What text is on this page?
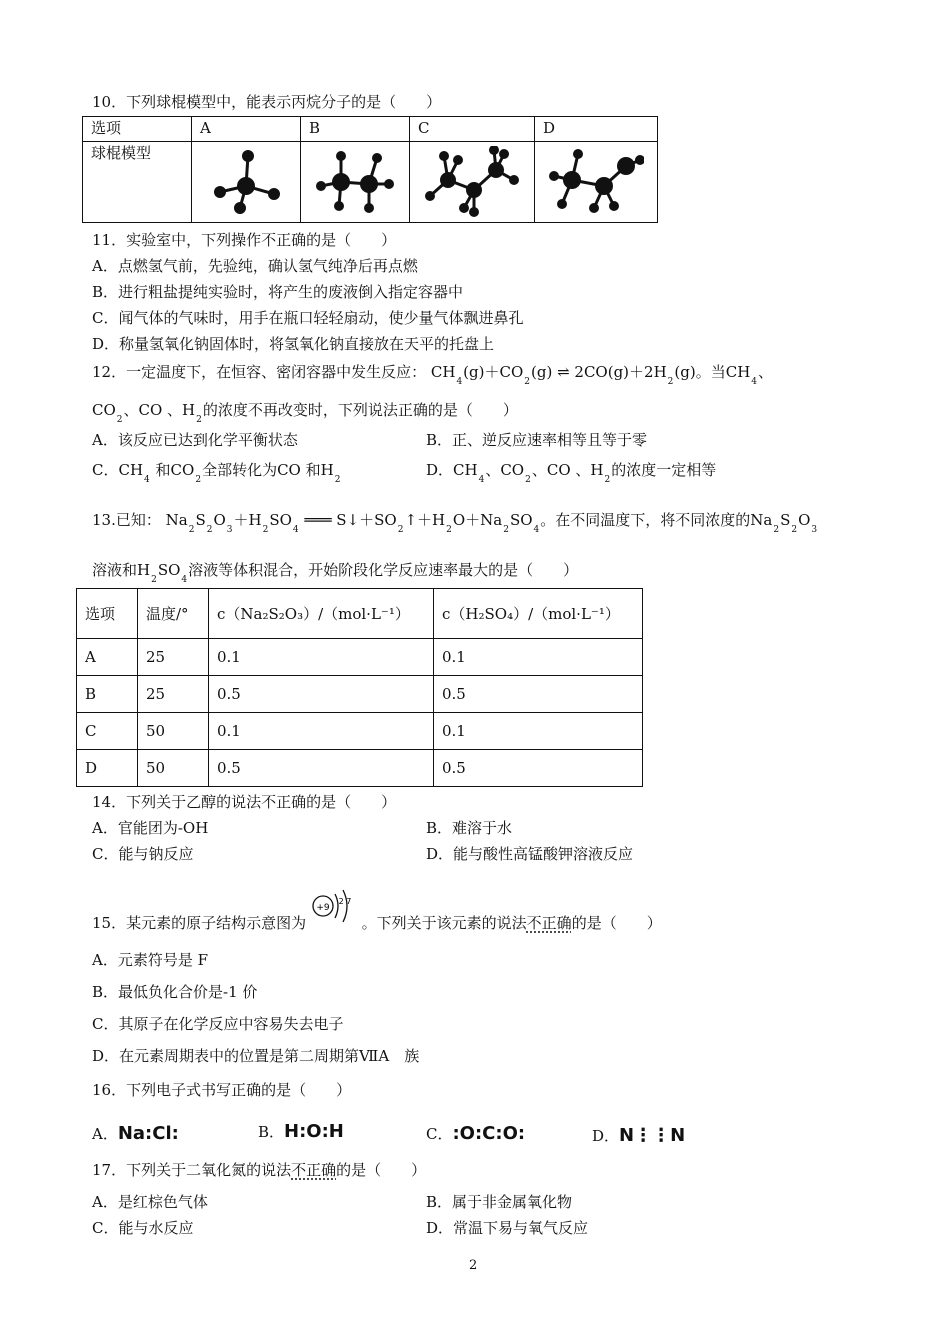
10．下列球棍模型中，能表示丙烷分子的是（　　）
选项	A	B	C	D
球棍模型	

11．实验室中，下列操作不正确的是（　　）
A．点燃氢气前，先验纯，确认氢气纯净后再点燃
B．进行粗盐提纯实验时，将产生的废液倒入指定容器中
C．闻气体的气味时，用手在瓶口轻轻扇动，使少量气体飘进鼻孔
D．称量氢氧化钠固体时，将氢氧化钠直接放在天平的托盘上
12．一定温度下，在恒容、密闭容器中发生反应： $CH_4(g)+CO_2(g)$ ⇌ $2CO(g)+2H_2(g)$。当$CH_4$、
$CO_2$、CO 、$H_2$的浓度不再改变时，下列说法正确的是（　　）
A．该反应已达到化学平衡状态	B．正、逆反应速率相等且等于零
C．$CH_4$ 和$CO_2$全部转化为CO 和$H_2$
D．$CH_4$、$CO_2$、CO 、$H_2$的浓度一定相等
13.已知： $Na_2S_2O_3+H_2SO_4$ ═══ $S↓+SO_2↑+H_2O+Na_2SO_4$。在不同温度下，将不同浓度的$Na_2S_2O_3$
溶液和$H_2SO_4$溶液等体积混合，开始阶段化学反应速率最大的是（　　）
选项	温度/°	c（Na₂S₂O₃）/（mol·L⁻¹）	c（H₂SO₄）/（mol·L⁻¹）
A	25	0.1	0.1
B	25	0.5	0.5
C	50	0.1	0.1
D	50	0.5	0.5
14．下列关于乙醇的说法不正确的是（　　）
A．官能团为-OH	B．难溶于水
C．能与钠反应	D．能与酸性高锰酸钾溶液反应
15．某元素的原子结构示意图为
+9
2 7
。下列关于该元素的说法不正确的是（　　）
A．元素符号是 F
B．最低负化合价是-1 价
C．其原子在化学反应中容易失去电子
D．在元素周期表中的位置是第二周期第ⅦA　族
16．下列电子式书写正确的是（　　）
A．Na:Cl:	B．H:O:H	C．:O:C:O:	D．N⋮⋮N
17．下列关于二氧化氮的说法不正确的是（　　）
A．是红棕色气体	B．属于非金属氧化物
C．能与水反应	D．常温下易与氧气反应
2
